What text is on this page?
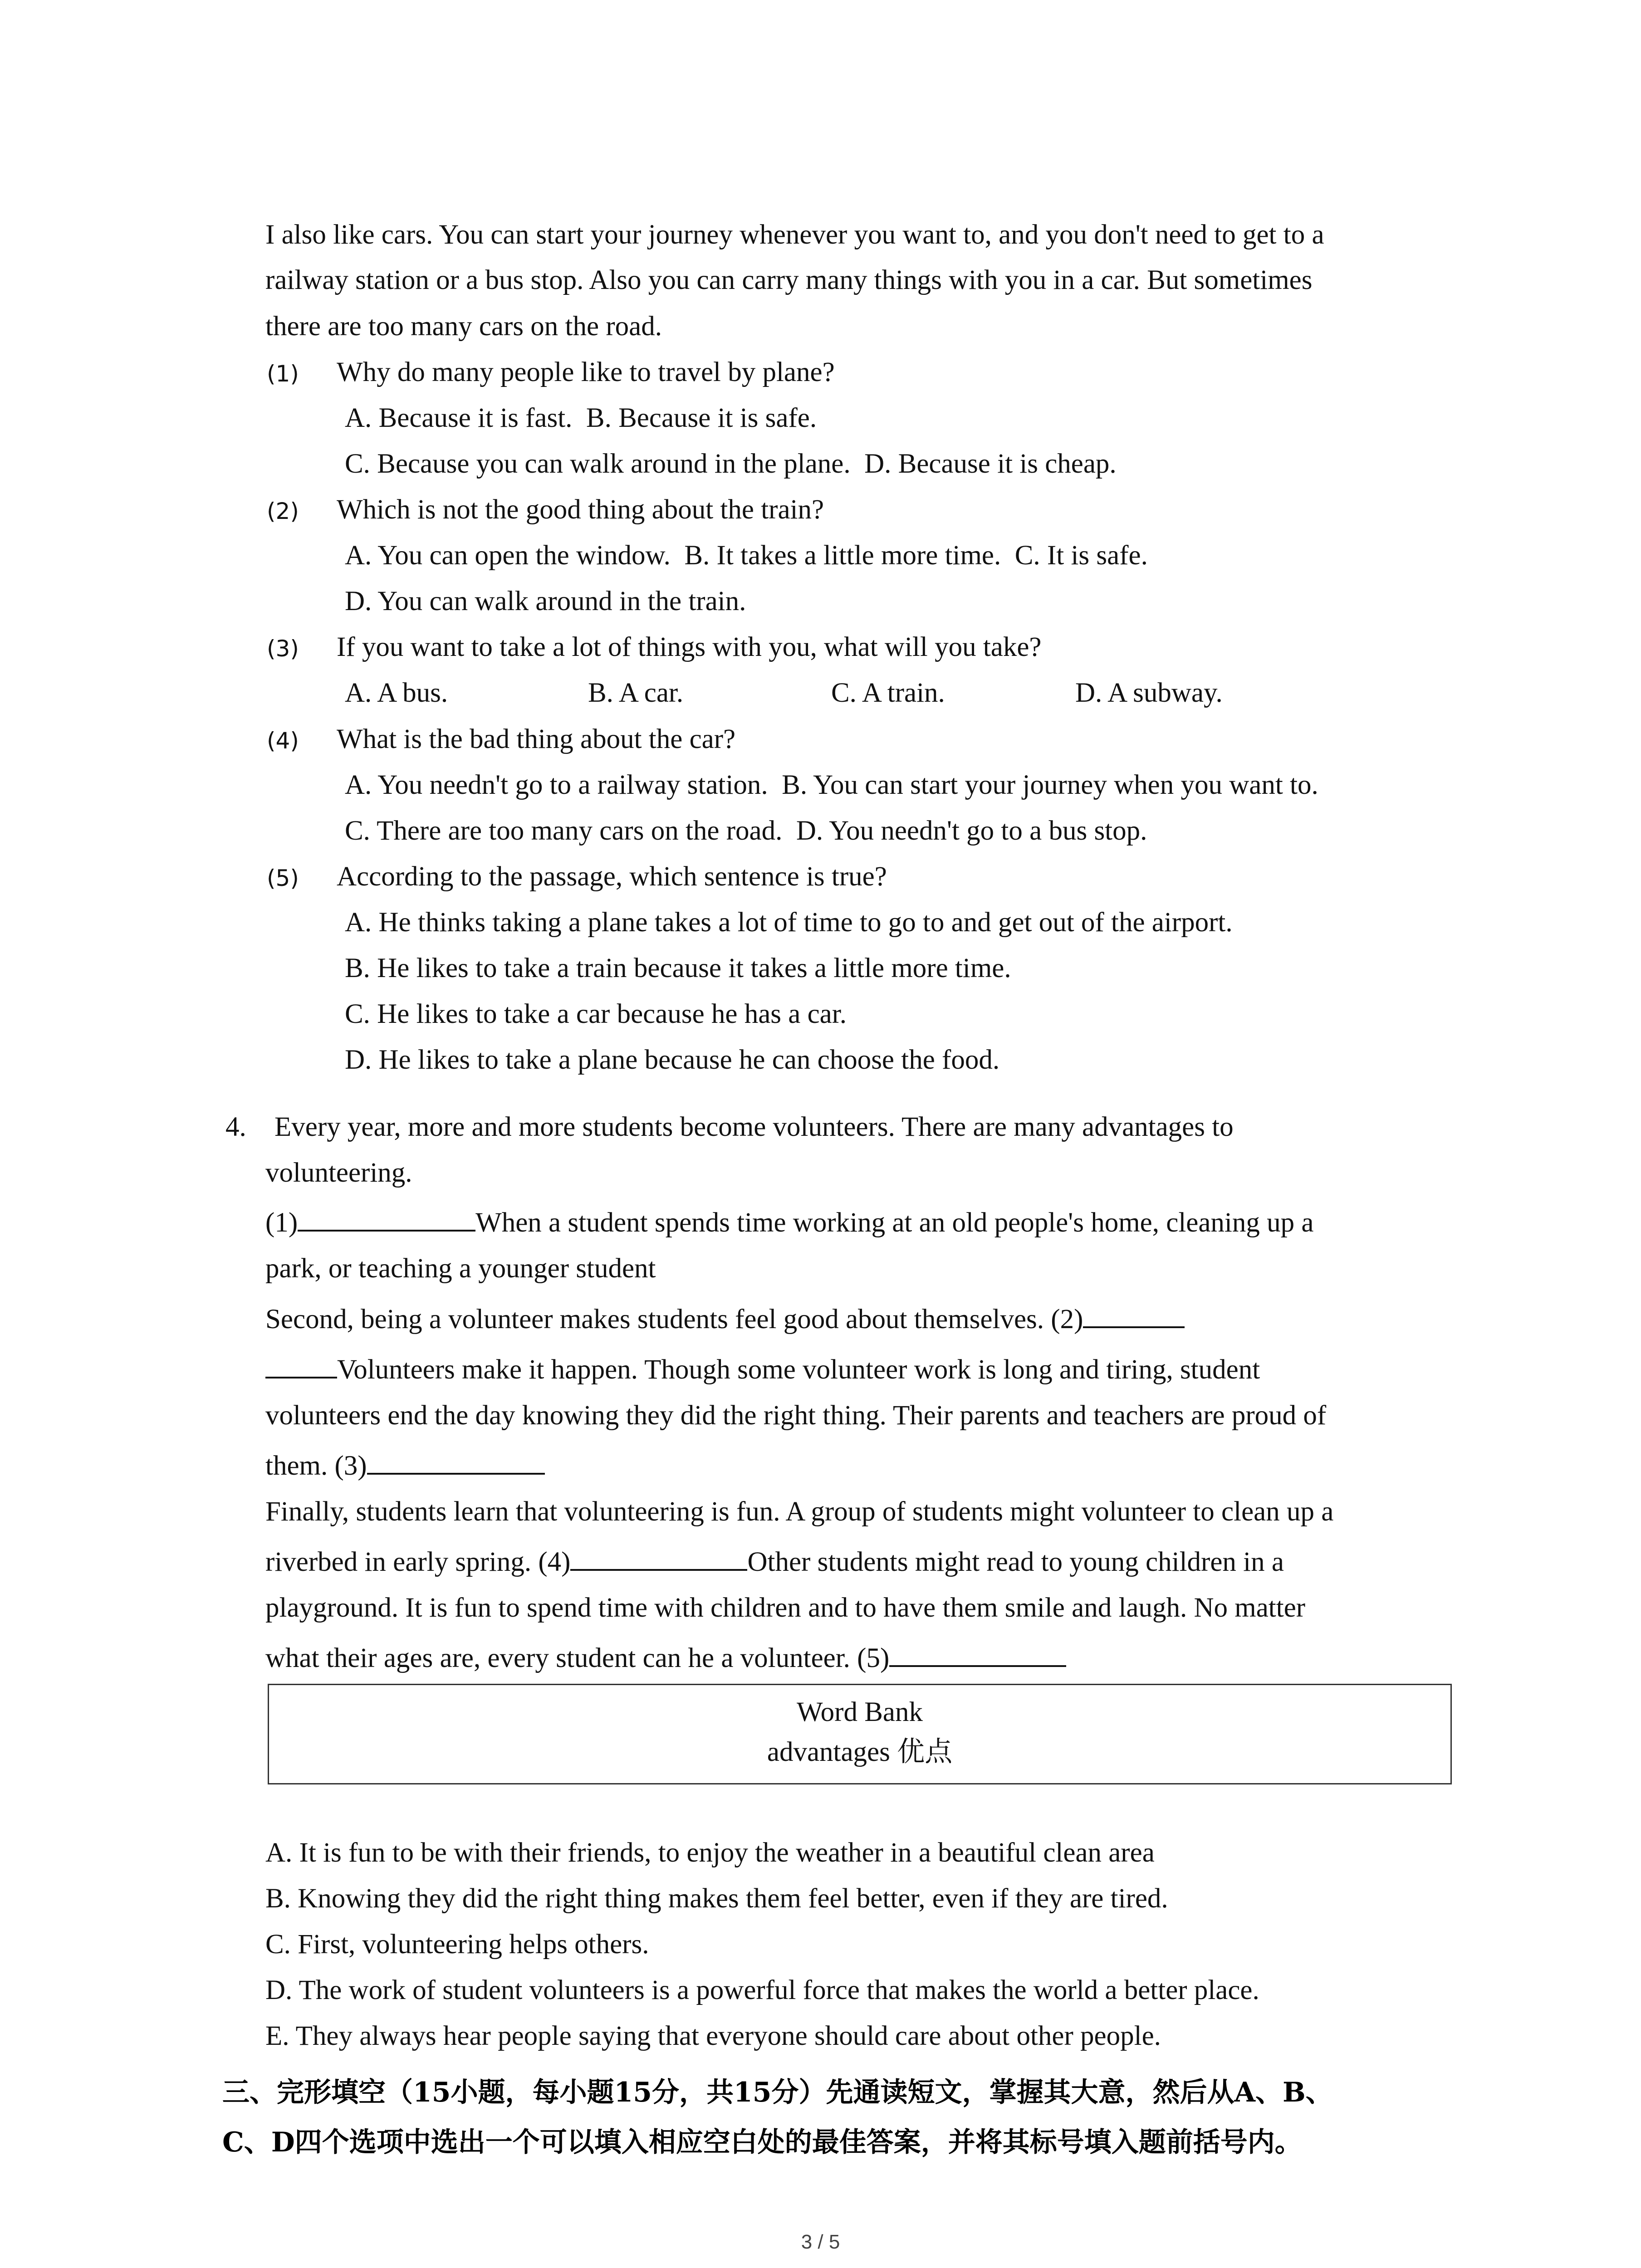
I also like cars. You can start your journey whenever you want to, and you don't need to get to a
railway station or a bus stop. Also you can carry many things with you in a car. But sometimes
there are too many cars on the road.
(1) Why do many people like to travel by plane?
A. Because it is fast.  B. Because it is safe.
C. Because you can walk around in the plane.  D. Because it is cheap.
(2) Which is not the good thing about the train?
A. You can open the window.  B. It takes a little more time.  C. It is safe.
D. You can walk around in the train.
(3) If you want to take a lot of things with you, what will you take?
A. A bus.	B. A car.	C. A train.	D. A subway.
(4) What is the bad thing about the car?
A. You needn't go to a railway station.  B. You can start your journey when you want to.
C. There are too many cars on the road.  D. You needn't go to a bus stop.
(5) According to the passage, which sentence is true?
A. He thinks taking a plane takes a lot of time to go to and get out of the airport.
B. He likes to take a train because it takes a little more time.
C. He likes to take a car because he has a car.
D. He likes to take a plane because he can choose the food.
4. Every year, more and more students become volunteers. There are many advantages to
volunteering.
(1)	When a student spends time working at an old people's home, cleaning up a
park, or teaching a younger student
Second, being a volunteer makes students feel good about themselves. (2)
Volunteers make it happen. Though some volunteer work is long and tiring, student
volunteers end the day knowing they did the right thing. Their parents and teachers are proud of
them. (3)
Finally, students learn that volunteering is fun. A group of students might volunteer to clean up a
riverbed in early spring. (4)	Other students might read to young children in a
playground. It is fun to spend time with children and to have them smile and laugh. No matter
what their ages are, every student can he a volunteer. (5)
Word Bank
advantages 优点
A. It is fun to be with their friends, to enjoy the weather in a beautiful clean area
B. Knowing they did the right thing makes them feel better, even if they are tired.
C. First, volunteering helps others.
D. The work of student volunteers is a powerful force that makes the world a better place.
E. They always hear people saying that everyone should care about other people.
三、完形填空（15小题，每小题15分，共15分）先通读短文，掌握其大意，然后从A、B、
C、D四个选项中选出一个可以填入相应空白处的最佳答案，并将其标号填入题前括号内。
3 / 5
